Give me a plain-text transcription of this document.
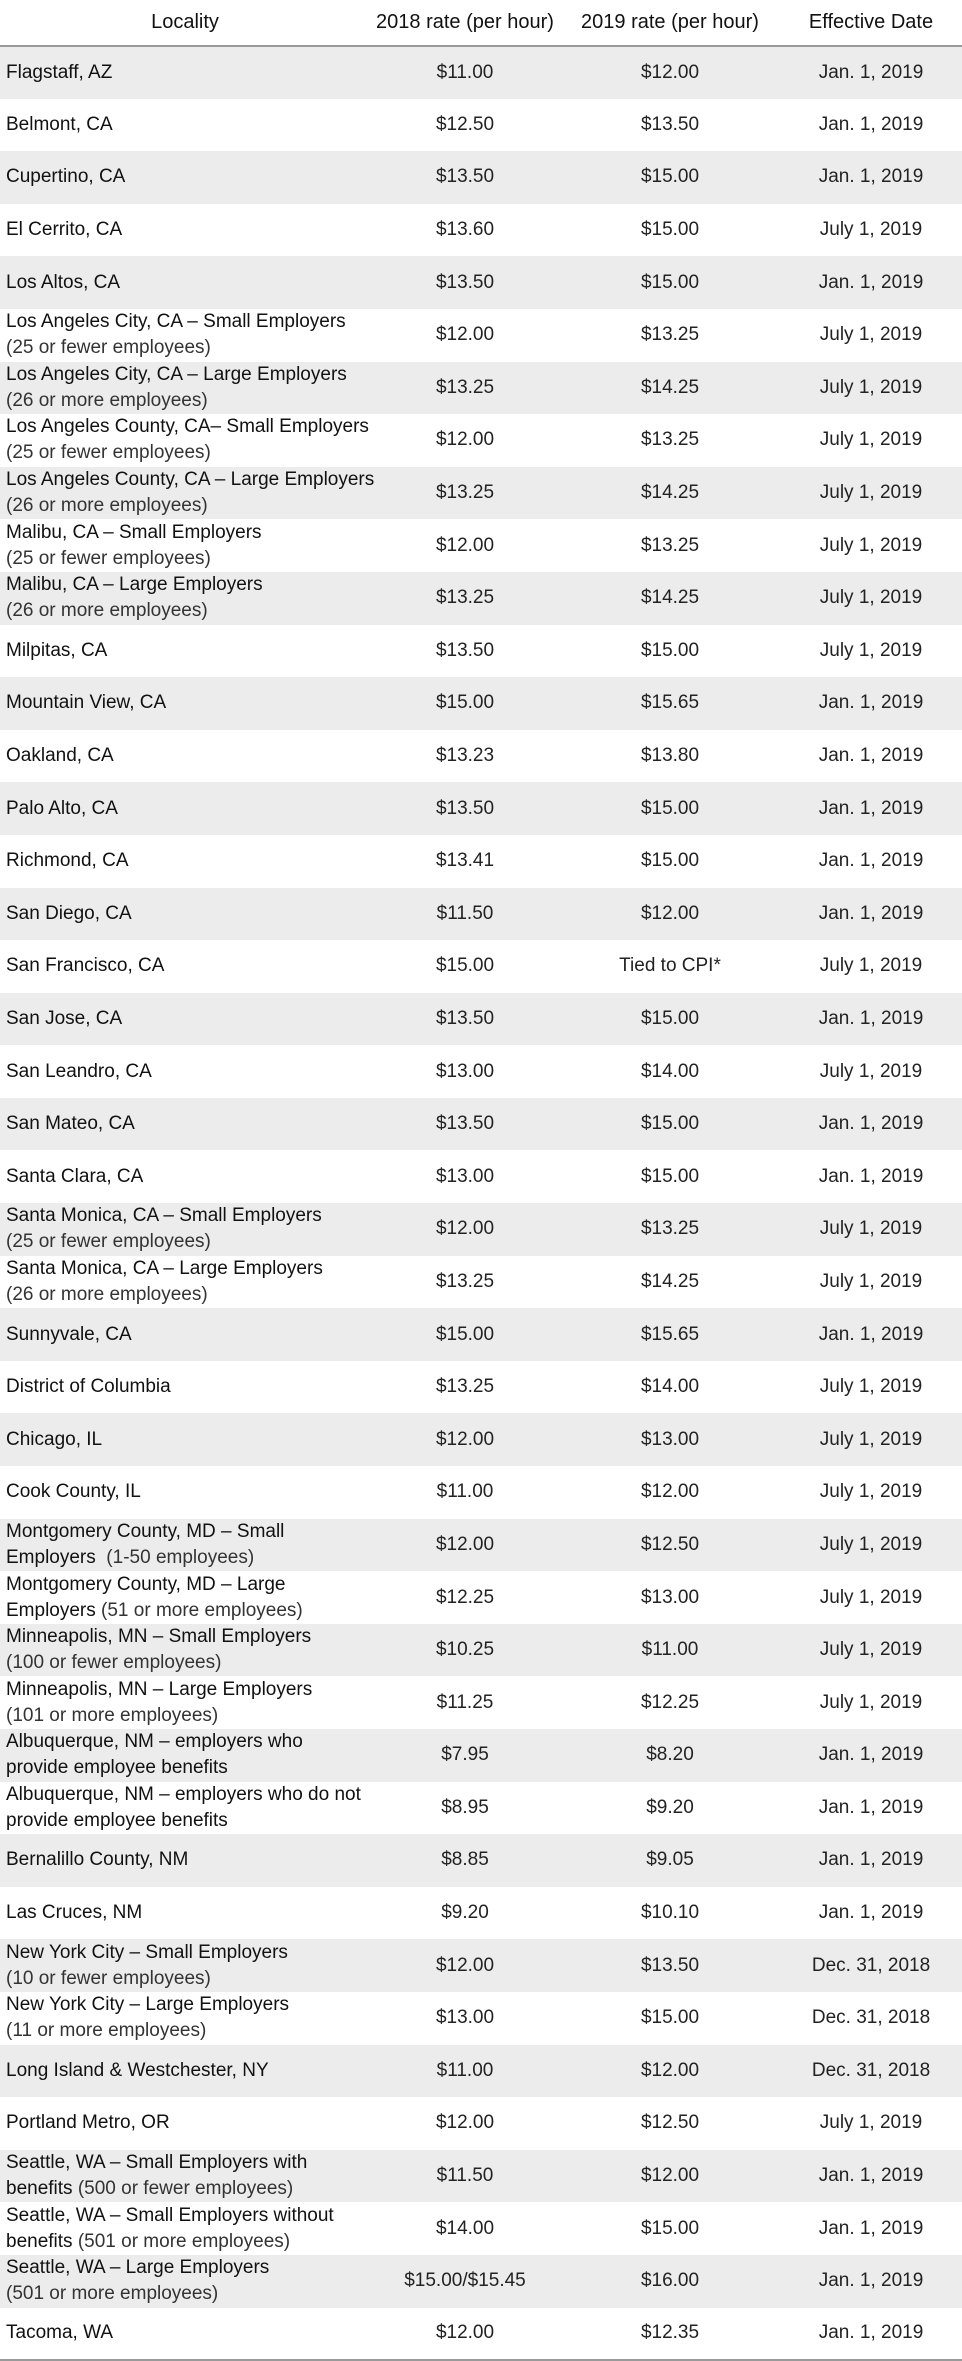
Locality	2018 rate (per hour)	2019 rate (per hour)	Effective Date

Flagstaff, AZ	$11.00	$12.00	Jan. 1, 2019

Belmont, CA	$12.50	$13.50	Jan. 1, 2019

Cupertino, CA	$13.50	$15.00	Jan. 1, 2019

El Cerrito, CA	$13.60	$15.00	July 1, 2019

Los Altos, CA	$13.50	$15.00	Jan. 1, 2019

Los Angeles City, CA – Small Employers
(25 or fewer employees)	$12.00	$13.25	July 1, 2019

Los Angeles City, CA – Large Employers
(26 or more employees)	$13.25	$14.25	July 1, 2019

Los Angeles County, CA– Small Employers
(25 or fewer employees)	$12.00	$13.25	July 1, 2019

Los Angeles County, CA – Large Employers
(26 or more employees)	$13.25	$14.25	July 1, 2019

Malibu, CA – Small Employers
(25 or fewer employees)	$12.00	$13.25	July 1, 2019

Malibu, CA – Large Employers
(26 or more employees)	$13.25	$14.25	July 1, 2019

Milpitas, CA	$13.50	$15.00	July 1, 2019

Mountain View, CA	$15.00	$15.65	Jan. 1, 2019

Oakland, CA	$13.23	$13.80	Jan. 1, 2019

Palo Alto, CA	$13.50	$15.00	Jan. 1, 2019

Richmond, CA	$13.41	$15.00	Jan. 1, 2019

San Diego, CA	$11.50	$12.00	Jan. 1, 2019

San Francisco, CA	$15.00	Tied to CPI*	July 1, 2019

San Jose, CA	$13.50	$15.00	Jan. 1, 2019

San Leandro, CA	$13.00	$14.00	July 1, 2019

San Mateo, CA	$13.50	$15.00	Jan. 1, 2019

Santa Clara, CA	$13.00	$15.00	Jan. 1, 2019

Santa Monica, CA – Small Employers
(25 or fewer employees)	$12.00	$13.25	July 1, 2019

Santa Monica, CA – Large Employers
(26 or more employees)	$13.25	$14.25	July 1, 2019

Sunnyvale, CA	$15.00	$15.65	Jan. 1, 2019

District of Columbia	$13.25	$14.00	July 1, 2019

Chicago, IL	$12.00	$13.00	July 1, 2019

Cook County, IL	$11.00	$12.00	July 1, 2019

Montgomery County, MD – Small
Employers  (1-50 employees)	$12.00	$12.50	July 1, 2019

Montgomery County, MD – Large
Employers (51 or more employees)	$12.25	$13.00	July 1, 2019

Minneapolis, MN – Small Employers
(100 or fewer employees)	$10.25	$11.00	July 1, 2019

Minneapolis, MN – Large Employers
(101 or more employees)	$11.25	$12.25	July 1, 2019

Albuquerque, NM – employers who
provide employee benefits	$7.95	$8.20	Jan. 1, 2019

Albuquerque, NM – employers who do not
provide employee benefits	$8.95	$9.20	Jan. 1, 2019

Bernalillo County, NM	$8.85	$9.05	Jan. 1, 2019

Las Cruces, NM	$9.20	$10.10	Jan. 1, 2019

New York City – Small Employers
(10 or fewer employees)	$12.00	$13.50	Dec. 31, 2018

New York City – Large Employers
(11 or more employees)	$13.00	$15.00	Dec. 31, 2018

Long Island & Westchester, NY	$11.00	$12.00	Dec. 31, 2018

Portland Metro, OR	$12.00	$12.50	July 1, 2019

Seattle, WA – Small Employers with
benefits (500 or fewer employees)	$11.50	$12.00	Jan. 1, 2019

Seattle, WA – Small Employers without
benefits (501 or more employees)	$14.00	$15.00	Jan. 1, 2019

Seattle, WA – Large Employers
(501 or more employees)	$15.00/$15.45	$16.00	Jan. 1, 2019

Tacoma, WA	$12.00	$12.35	Jan. 1, 2019
